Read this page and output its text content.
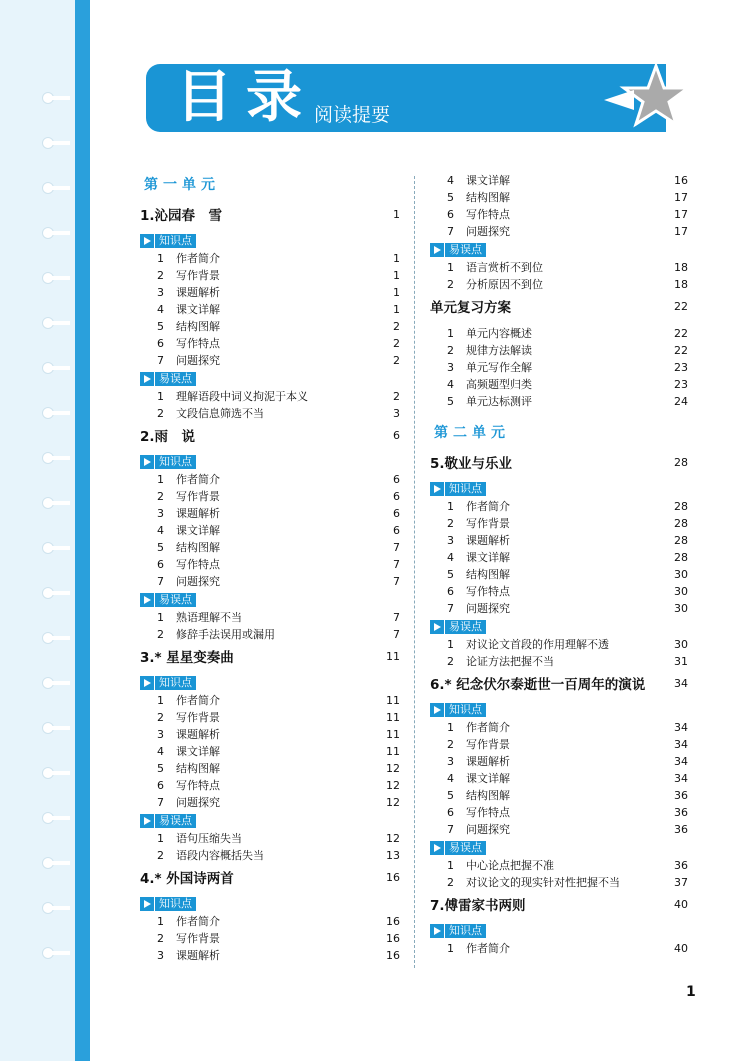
目录
阅读提要
第一单元
1.沁园春　雪	1
知识点
1 作者简介	1
2 写作背景	1
3 课题解析	1
4 课文详解	1
5 结构图解	2
6 写作特点	2
7 问题探究	2
易误点
1 理解语段中词义拘泥于本义	2
2 文段信息筛选不当	3
2.雨　说	6
知识点
1 作者简介	6
2 写作背景	6
3 课题解析	6
4 课文详解	6
5 结构图解	7
6 写作特点	7
7 问题探究	7
易误点
1 熟语理解不当	7
2 修辞手法误用或漏用	7
3.* 星星变奏曲	11
知识点
1 作者简介	11
2 写作背景	11
3 课题解析	11
4 课文详解	11
5 结构图解	12
6 写作特点	12
7 问题探究	12
易误点
1 语句压缩失当	12
2 语段内容概括失当	13
4.* 外国诗两首	16
知识点
1 作者简介	16
2 写作背景	16
3 课题解析	16
4 课文详解	16
5 结构图解	17
6 写作特点	17
7 问题探究	17
易误点
1 语言赏析不到位	18
2 分析原因不到位	18
单元复习方案	22
1 单元内容概述	22
2 规律方法解读	22
3 单元写作全解	23
4 高频题型归类	23
5 单元达标测评	24
第二单元
5.敬业与乐业	28
知识点
1 作者简介	28
2 写作背景	28
3 课题解析	28
4 课文详解	28
5 结构图解	30
6 写作特点	30
7 问题探究	30
易误点
1 对议论文首段的作用理解不透	30
2 论证方法把握不当	31
6.* 纪念伏尔泰逝世一百周年的演说	34
知识点
1 作者简介	34
2 写作背景	34
3 课题解析	34
4 课文详解	34
5 结构图解	36
6 写作特点	36
7 问题探究	36
易误点
1 中心论点把握不准	36
2 对议论文的现实针对性把握不当	37
7.傅雷家书两则	40
知识点
1 作者简介	40
1
